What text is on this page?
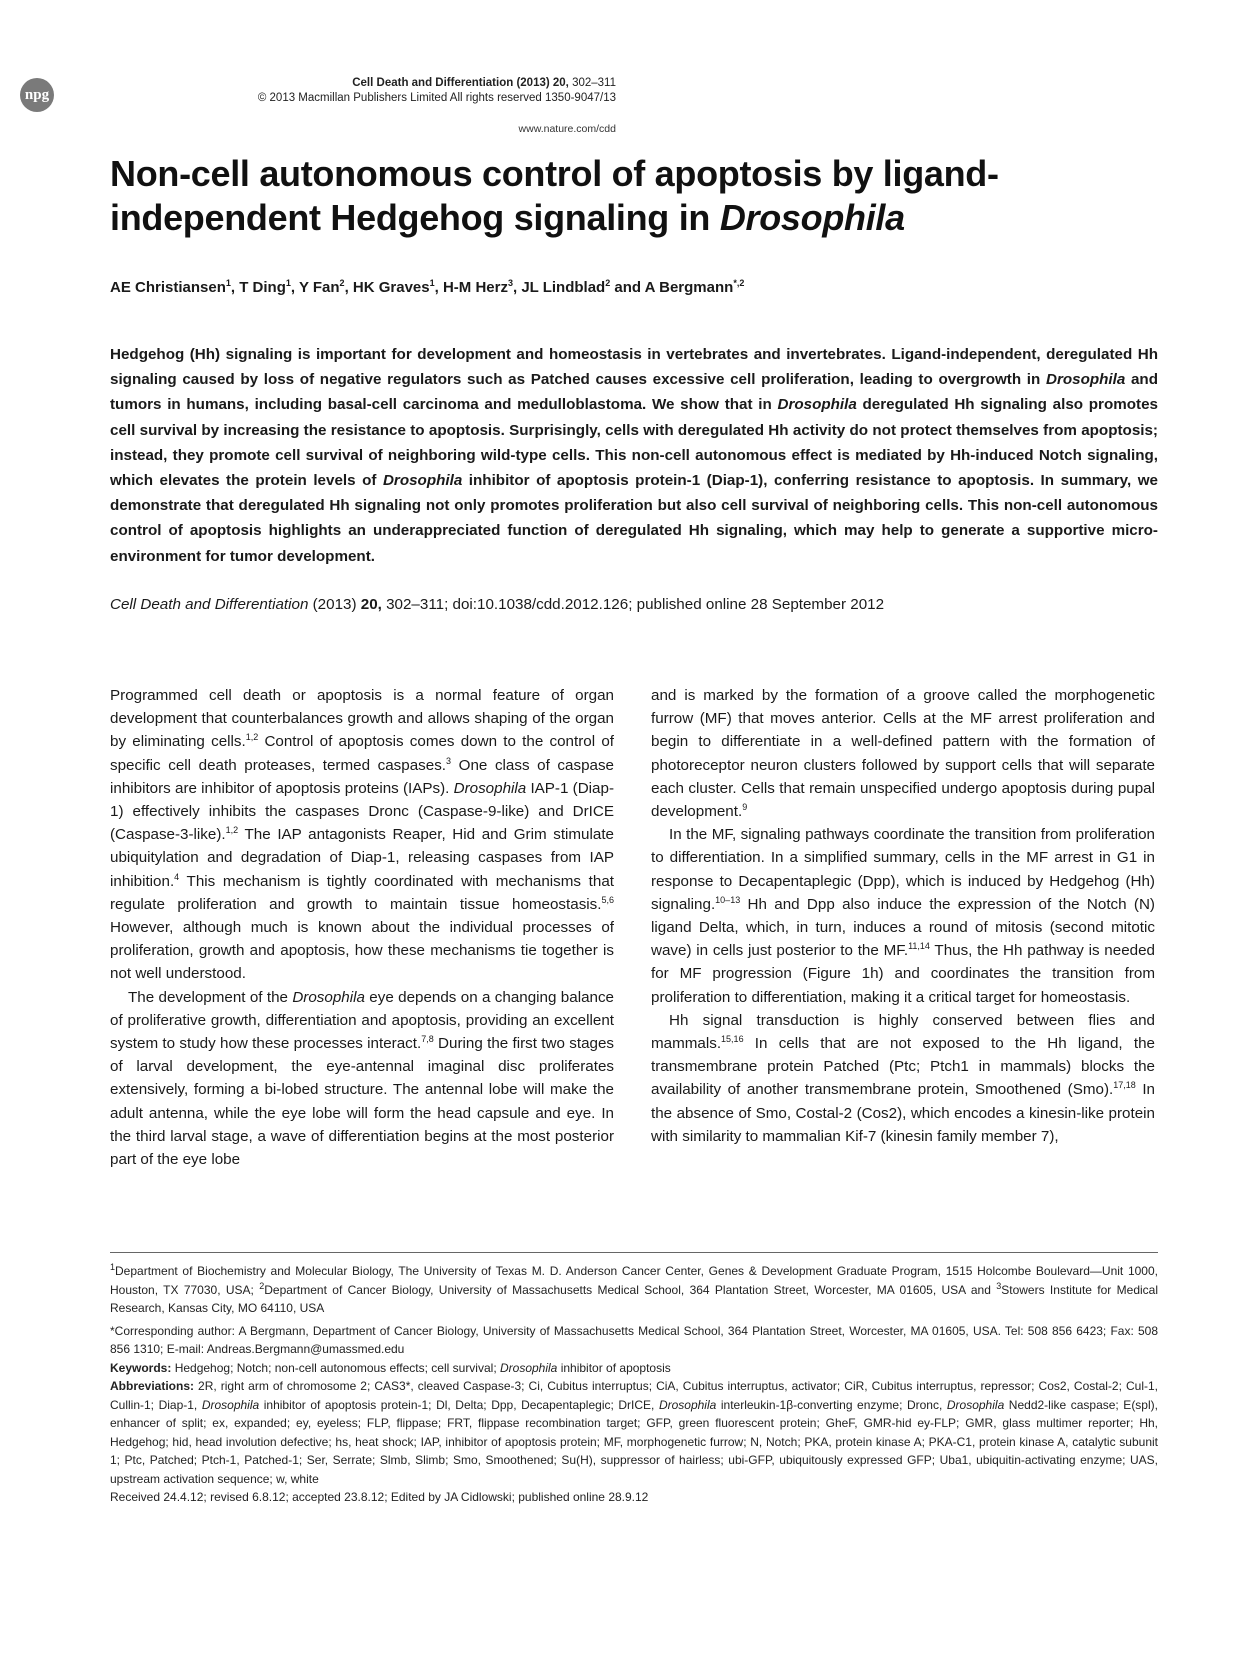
npg
Cell Death and Differentiation (2013) 20, 302–311
© 2013 Macmillan Publishers Limited All rights reserved 1350-9047/13
www.nature.com/cdd
Non-cell autonomous control of apoptosis by ligand-independent Hedgehog signaling in Drosophila
AE Christiansen$^1$, T Ding$^1$, Y Fan$^2$, HK Graves$^1$, H-M Herz$^3$, JL Lindblad$^2$ and A Bergmann$^{*,2}$
Hedgehog (Hh) signaling is important for development and homeostasis in vertebrates and invertebrates. Ligand-independent, deregulated Hh signaling caused by loss of negative regulators such as Patched causes excessive cell proliferation, leading to overgrowth in Drosophila and tumors in humans, including basal-cell carcinoma and medulloblastoma. We show that in Drosophila deregulated Hh signaling also promotes cell survival by increasing the resistance to apoptosis. Surprisingly, cells with deregulated Hh activity do not protect themselves from apoptosis; instead, they promote cell survival of neighboring wild-type cells. This non-cell autonomous effect is mediated by Hh-induced Notch signaling, which elevates the protein levels of Drosophila inhibitor of apoptosis protein-1 (Diap-1), conferring resistance to apoptosis. In summary, we demonstrate that deregulated Hh signaling not only promotes proliferation but also cell survival of neighboring cells. This non-cell autonomous control of apoptosis highlights an underappreciated function of deregulated Hh signaling, which may help to generate a supportive micro-environment for tumor development.
Cell Death and Differentiation (2013) 20, 302–311; doi:10.1038/cdd.2012.126; published online 28 September 2012

Programmed cell death or apoptosis is a normal feature of organ development that counterbalances growth and allows shaping of the organ by eliminating cells.$^{1,2}$ Control of apoptosis comes down to the control of specific cell death proteases, termed caspases.$^3$ One class of caspase inhibitors are inhibitor of apoptosis proteins (IAPs). Drosophila IAP-1 (Diap-1) effectively inhibits the caspases Dronc (Caspase-9-like) and DrICE (Caspase-3-like).$^{1,2}$ The IAP antagonists Reaper, Hid and Grim stimulate ubiquitylation and degradation of Diap-1, releasing caspases from IAP inhibition.$^4$ This mechanism is tightly coordinated with mechanisms that regulate proliferation and growth to maintain tissue homeostasis.$^{5,6}$ However, although much is known about the individual processes of proliferation, growth and apoptosis, how these mechanisms tie together is not well understood.

The development of the Drosophila eye depends on a changing balance of proliferative growth, differentiation and apoptosis, providing an excellent system to study how these processes interact.$^{7,8}$ During the first two stages of larval development, the eye-antennal imaginal disc proliferates extensively, forming a bi-lobed structure. The antennal lobe will make the adult antenna, while the eye lobe will form the head capsule and eye. In the third larval stage, a wave of differentiation begins at the most posterior part of the eye lobe

and is marked by the formation of a groove called the morphogenetic furrow (MF) that moves anterior. Cells at the MF arrest proliferation and begin to differentiate in a well-defined pattern with the formation of photoreceptor neuron clusters followed by support cells that will separate each cluster. Cells that remain unspecified undergo apoptosis during pupal development.$^9$

In the MF, signaling pathways coordinate the transition from proliferation to differentiation. In a simplified summary, cells in the MF arrest in G1 in response to Decapentaplegic (Dpp), which is induced by Hedgehog (Hh) signaling.$^{10-13}$ Hh and Dpp also induce the expression of the Notch (N) ligand Delta, which, in turn, induces a round of mitosis (second mitotic wave) in cells just posterior to the MF.$^{11,14}$ Thus, the Hh pathway is needed for MF progression (Figure 1h) and coordinates the transition from proliferation to differentiation, making it a critical target for homeostasis.

Hh signal transduction is highly conserved between flies and mammals.$^{15,16}$ In cells that are not exposed to the Hh ligand, the transmembrane protein Patched (Ptc; Ptch1 in mammals) blocks the availability of another transmembrane protein, Smoothened (Smo).$^{17,18}$ In the absence of Smo, Costal-2 (Cos2), which encodes a kinesin-like protein with similarity to mammalian Kif-7 (kinesin family member 7),

$^1$Department of Biochemistry and Molecular Biology, The University of Texas M. D. Anderson Cancer Center, Genes & Development Graduate Program, 1515 Holcombe Boulevard—Unit 1000, Houston, TX 77030, USA; $^2$Department of Cancer Biology, University of Massachusetts Medical School, 364 Plantation Street, Worcester, MA 01605, USA and $^3$Stowers Institute for Medical Research, Kansas City, MO 64110, USA

*Corresponding author: A Bergmann, Department of Cancer Biology, University of Massachusetts Medical School, 364 Plantation Street, Worcester, MA 01605, USA. Tel: 508 856 6423; Fax: 508 856 1310; E-mail: Andreas.Bergmann@umassmed.edu

Keywords: Hedgehog; Notch; non-cell autonomous effects; cell survival; Drosophila inhibitor of apoptosis

Abbreviations: 2R, right arm of chromosome 2; CAS3*, cleaved Caspase-3; Ci, Cubitus interruptus; CiA, Cubitus interruptus, activator; CiR, Cubitus interruptus, repressor; Cos2, Costal-2; Cul-1, Cullin-1; Diap-1, Drosophila inhibitor of apoptosis protein-1; Dl, Delta; Dpp, Decapentaplegic; DrICE, Drosophila interleukin-1β-converting enzyme; Dronc, Drosophila Nedd2-like caspase; E(spl), enhancer of split; ex, expanded; ey, eyeless; FLP, flippase; FRT, flippase recombination target; GFP, green fluorescent protein; GheF, GMR-hid ey-FLP; GMR, glass multimer reporter; Hh, Hedgehog; hid, head involution defective; hs, heat shock; IAP, inhibitor of apoptosis protein; MF, morphogenetic furrow; N, Notch; PKA, protein kinase A; PKA-C1, protein kinase A, catalytic subunit 1; Ptc, Patched; Ptch-1, Patched-1; Ser, Serrate; Slmb, Slimb; Smo, Smoothened; Su(H), suppressor of hairless; ubi-GFP, ubiquitously expressed GFP; Uba1, ubiquitin-activating enzyme; UAS, upstream activation sequence; w, white

Received 24.4.12; revised 6.8.12; accepted 23.8.12; Edited by JA Cidlowski; published online 28.9.12
